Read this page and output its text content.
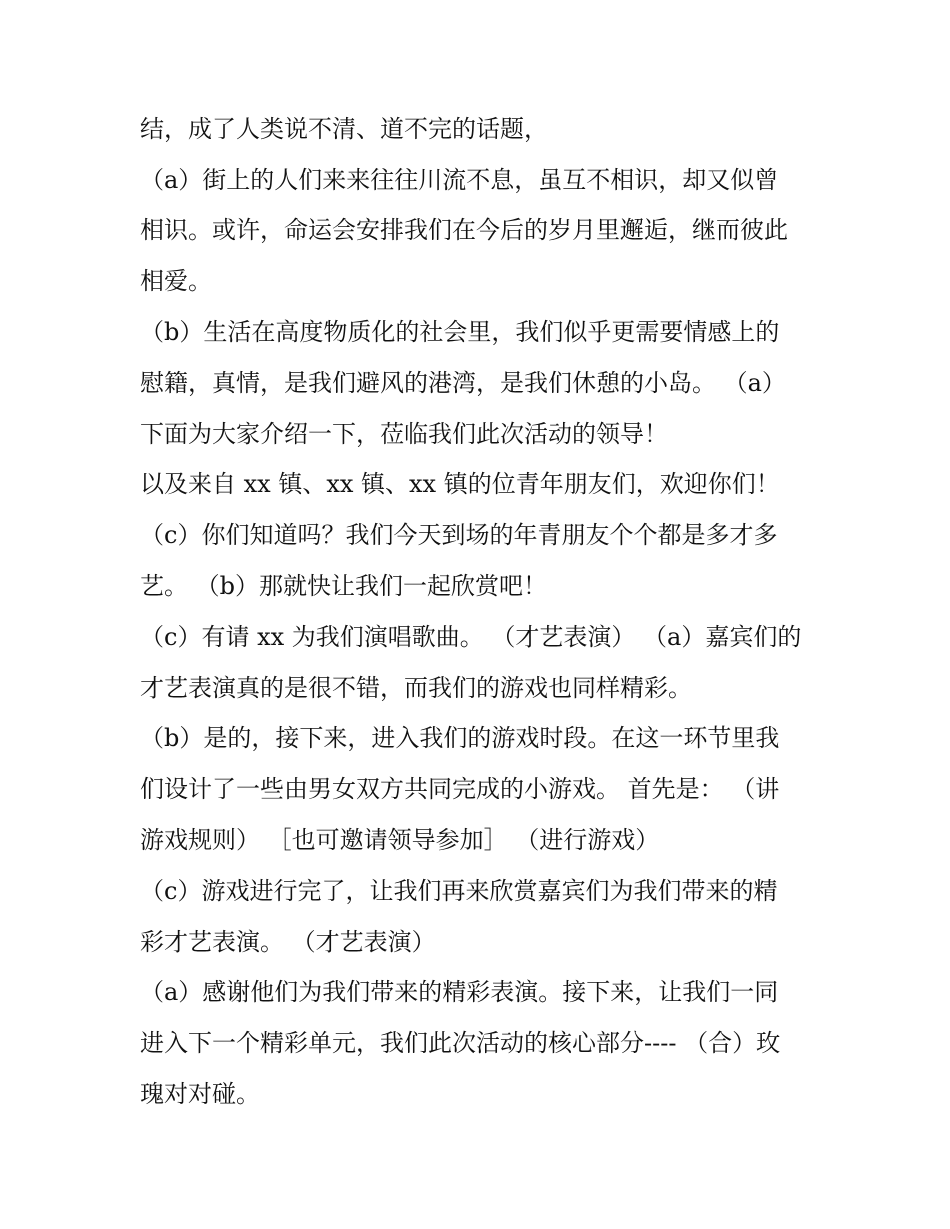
结，成了人类说不清、道不完的话题，
（a）街上的人们来来往往川流不息，虽互不相识，却又似曾
相识。或许，命运会安排我们在今后的岁月里邂逅，继而彼此
相爱。
（b）生活在高度物质化的社会里，我们似乎更需要情感上的
慰籍，真情，是我们避风的港湾，是我们休憩的小岛。 （a）
下面为大家介绍一下，莅临我们此次活动的领导！
以及来自 xx 镇、xx 镇、xx 镇的位青年朋友们，欢迎你们！
（c）你们知道吗？我们今天到场的年青朋友个个都是多才多
艺。 （b）那就快让我们一起欣赏吧！
（c）有请 xx 为我们演唱歌曲。 （才艺表演） （a）嘉宾们的
才艺表演真的是很不错，而我们的游戏也同样精彩。
（b）是的，接下来，进入我们的游戏时段。在这一环节里我
们设计了一些由男女双方共同完成的小游戏。 首先是： （讲
游戏规则） ［也可邀请领导参加］ （进行游戏）
（c）游戏进行完了，让我们再来欣赏嘉宾们为我们带来的精
彩才艺表演。 （才艺表演）
（a）感谢他们为我们带来的精彩表演。接下来，让我们一同
进入下一个精彩单元，我们此次活动的核心部分---- （合）玫
瑰对对碰。
